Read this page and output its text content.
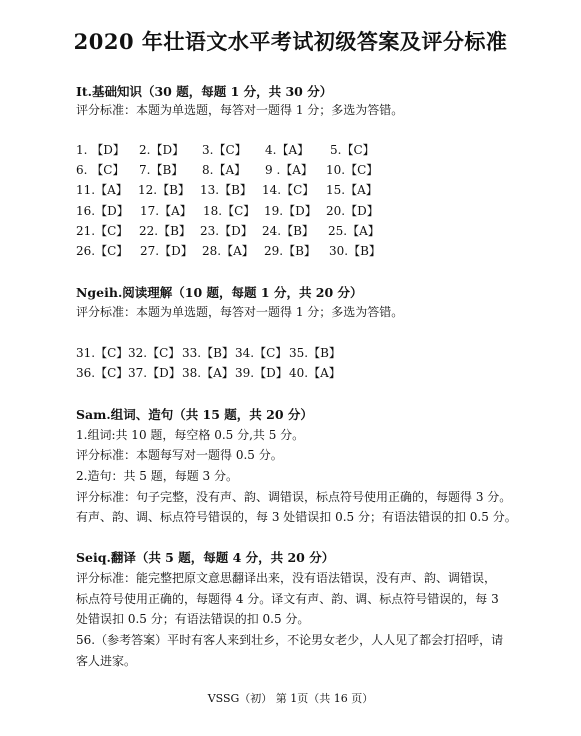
2020 年壮语文水平考试初级答案及评分标准
It.基础知识（30 题，每题 1 分，共 30 分）
评分标准：本题为单选题，每答对一题得 1 分；多选为答错。
1. 【D】 2.【D】 3.【C】 4.【A】 5.【C】
6. 【C】 7.【B】 8.【A】 9 .【A】 10.【C】
11.【A】 12.【B】 13.【B】 14.【C】 15.【A】
16.【D】 17.【A】 18.【C】 19.【D】 20.【D】
21.【C】 22.【B】 23.【D】 24.【B】 25.【A】
26.【C】 27.【D】 28.【A】 29.【B】 30.【B】
Ngeih.阅读理解（10 题，每题 1 分，共 20 分）
评分标准：本题为单选题，每答对一题得 1 分；多选为答错。
31.【C】 32.【C】 33.【B】 34.【C】 35.【B】
36.【C】 37.【D】 38.【A】 39.【D】 40.【A】
Sam.组词、造句（共 15 题，共 20 分）
1.组词:共 10 题，每空格 0.5 分,共 5 分。
评分标准：本题每写对一题得 0.5 分。
2.造句：共 5 题，每题 3 分。
评分标准：句子完整，没有声、韵、调错误，标点符号使用正确的，每题得 3 分。
有声、韵、调、标点符号错误的，每 3 处错误扣 0.5 分；有语法错误的扣 0.5 分。
Seiq.翻译（共 5 题，每题 4 分，共 20 分）
评分标准：能完整把原文意思翻译出来，没有语法错误，没有声、韵、调错误，
标点符号使用正确的，每题得 4 分。译文有声、韵、调、标点符号错误的，每 3
处错误扣 0.5 分；有语法错误的扣 0.5 分。
56.（参考答案）平时有客人来到壮乡，不论男女老少，人人见了都会打招呼，请
客人进家。
VSSG（初） 第 1页（共 16 页）
